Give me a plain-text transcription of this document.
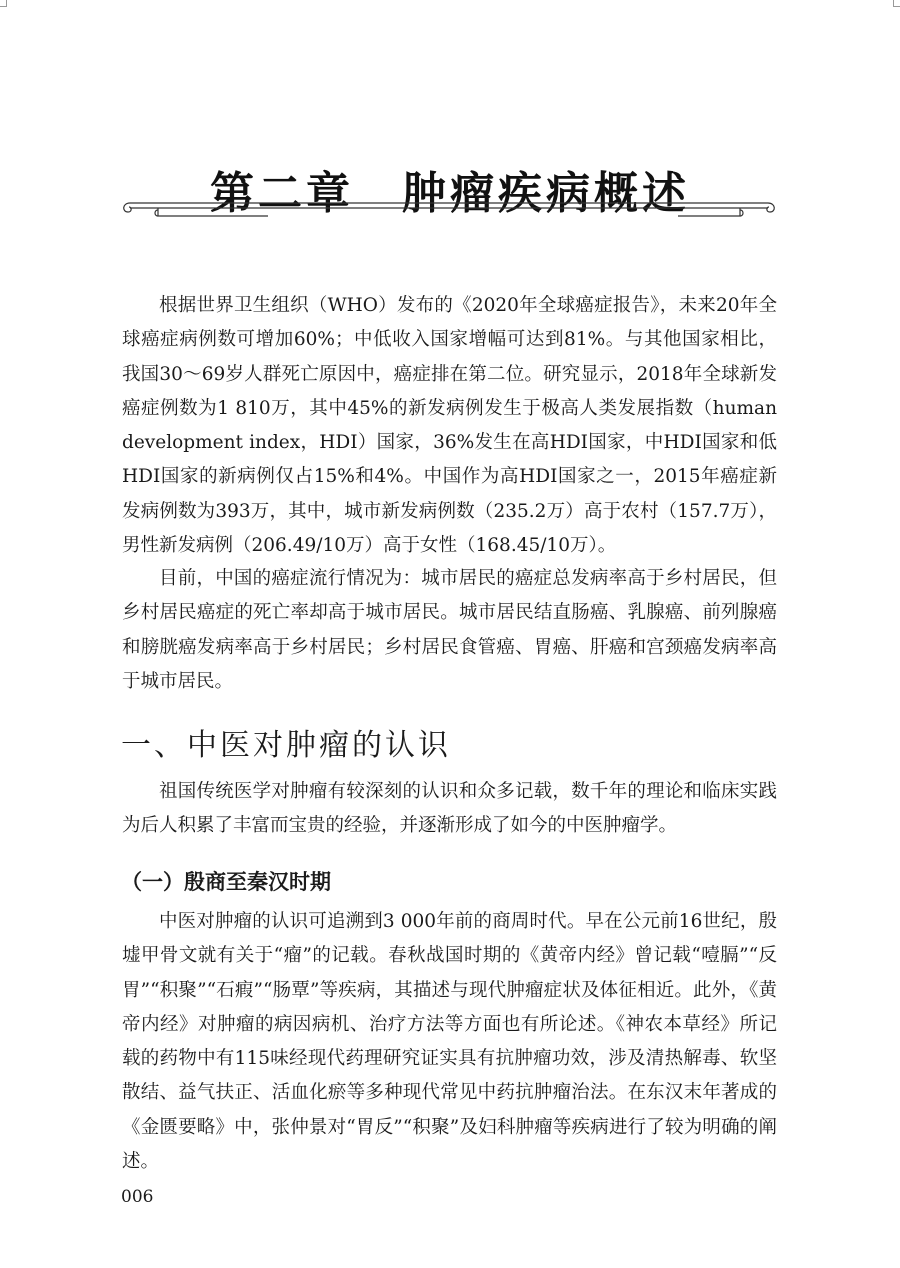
第二章　肿瘤疾病概述

根据世界卫生组织（WHO）发布的《2020年全球癌症报告》，未来20年全球癌症病例数可增加60%；中低收入国家增幅可达到81%。与其他国家相比，我国30～69岁人群死亡原因中，癌症排在第二位。研究显示，2018年全球新发癌症例数为1 810万，其中45%的新发病例发生于极高人类发展指数（human development index，HDI）国家，36%发生在高HDI国家，中HDI国家和低HDI国家的新病例仅占15%和4%。中国作为高HDI国家之一，2015年癌症新发病例数为393万，其中，城市新发病例数（235.2万）高于农村（157.7万），男性新发病例（206.49/10万）高于女性（168.45/10万）。

目前，中国的癌症流行情况为：城市居民的癌症总发病率高于乡村居民，但乡村居民癌症的死亡率却高于城市居民。城市居民结直肠癌、乳腺癌、前列腺癌和膀胱癌发病率高于乡村居民；乡村居民食管癌、胃癌、肝癌和宫颈癌发病率高于城市居民。

一、中医对肿瘤的认识

祖国传统医学对肿瘤有较深刻的认识和众多记载，数千年的理论和临床实践为后人积累了丰富而宝贵的经验，并逐渐形成了如今的中医肿瘤学。

（一）殷商至秦汉时期

中医对肿瘤的认识可追溯到3 000年前的商周时代。早在公元前16世纪，殷墟甲骨文就有关于“瘤”的记载。春秋战国时期的《黄帝内经》曾记载“噎膈”“反胃”“积聚”“石瘕”“肠覃”等疾病，其描述与现代肿瘤症状及体征相近。此外，《黄帝内经》对肿瘤的病因病机、治疗方法等方面也有所论述。《神农本草经》所记载的药物中有115味经现代药理研究证实具有抗肿瘤功效，涉及清热解毒、软坚散结、益气扶正、活血化瘀等多种现代常见中药抗肿瘤治法。在东汉末年著成的《金匮要略》中，张仲景对“胃反”“积聚”及妇科肿瘤等疾病进行了较为明确的阐述。

006
